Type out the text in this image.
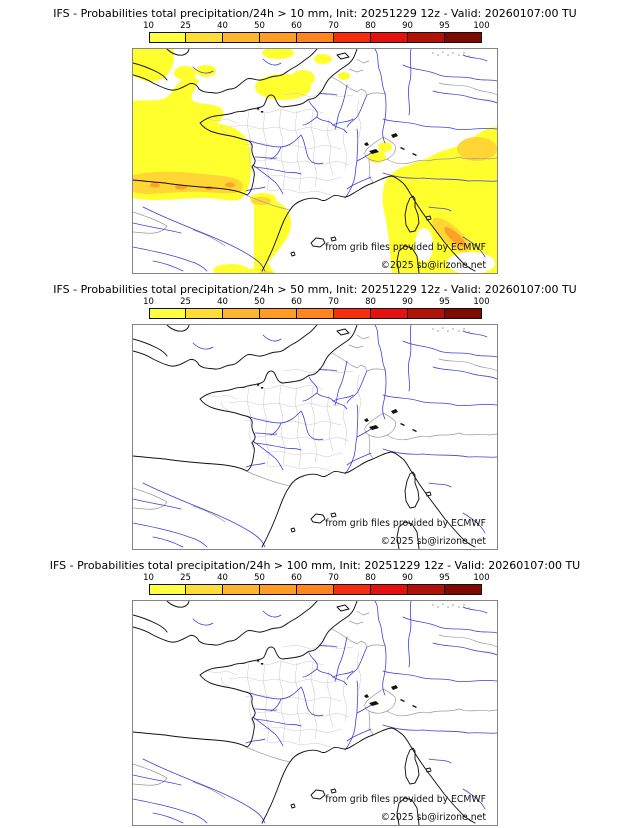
IFS - Probabilities total precipitation/24h > 10 mm, Init: 20251229 12z - Valid: 20260107:00 TU
10	25	40	50	60	70	80	90	95	100
from grib files provided by ECMWF
©2025 sb@irizone.net
IFS - Probabilities total precipitation/24h > 50 mm, Init: 20251229 12z - Valid: 20260107:00 TU
10	25	40	50	60	70	80	90	95	100
from grib files provided by ECMWF
©2025 sb@irizone.net
IFS - Probabilities total precipitation/24h > 100 mm, Init: 20251229 12z - Valid: 20260107:00 TU
10	25	40	50	60	70	80	90	95	100
from grib files provided by ECMWF
©2025 sb@irizone.net
